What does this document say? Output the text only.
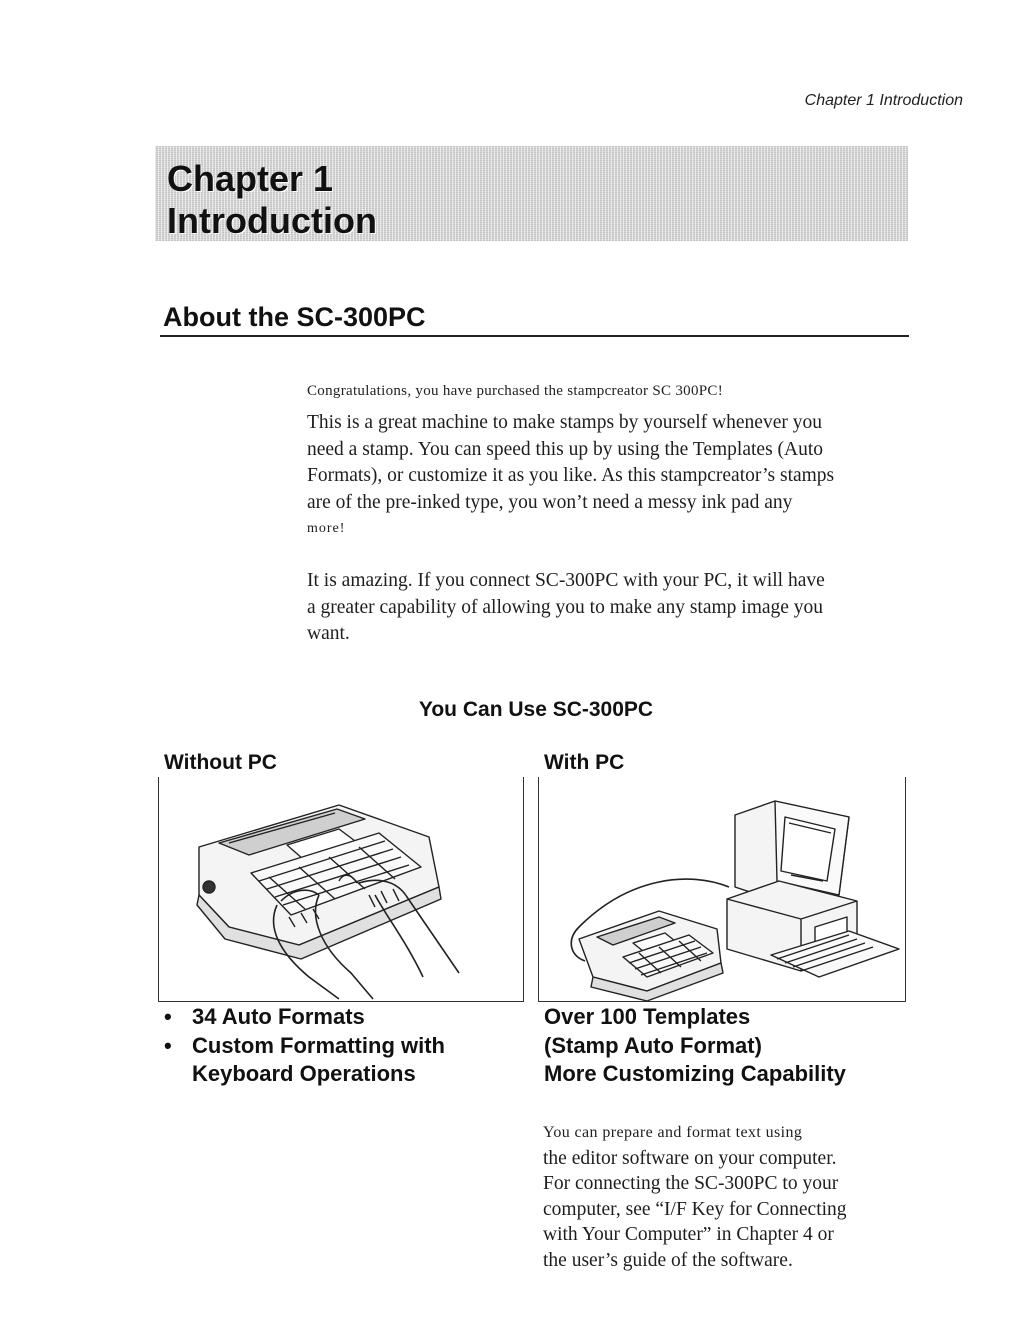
Chapter 1 Introduction
Chapter 1
Introduction
About the SC-300PC
Congratulations, you have purchased the stampcreator SC 300PC!
This is a great machine to make stamps by yourself whenever you
need a stamp. You can speed this up by using the Templates (Auto
Formats), or customize it as you like. As this stampcreator’s stamps
are of the pre-inked type, you won’t need a messy ink pad any
more!
It is amazing. If you connect SC-300PC with your PC, it will have
a greater capability of allowing you to make any stamp image you
want.
You Can Use SC-300PC
Without PC
• 34 Auto Formats
• Custom Formatting with
Keyboard Operations
With PC
Over 100 Templates
(Stamp Auto Format)
More Customizing Capability
You can prepare and format text using
the editor software on your computer.
For connecting the SC-300PC to your
computer, see “I/F Key for Connecting
with Your Computer” in Chapter 4 or
the user’s guide of the software.
